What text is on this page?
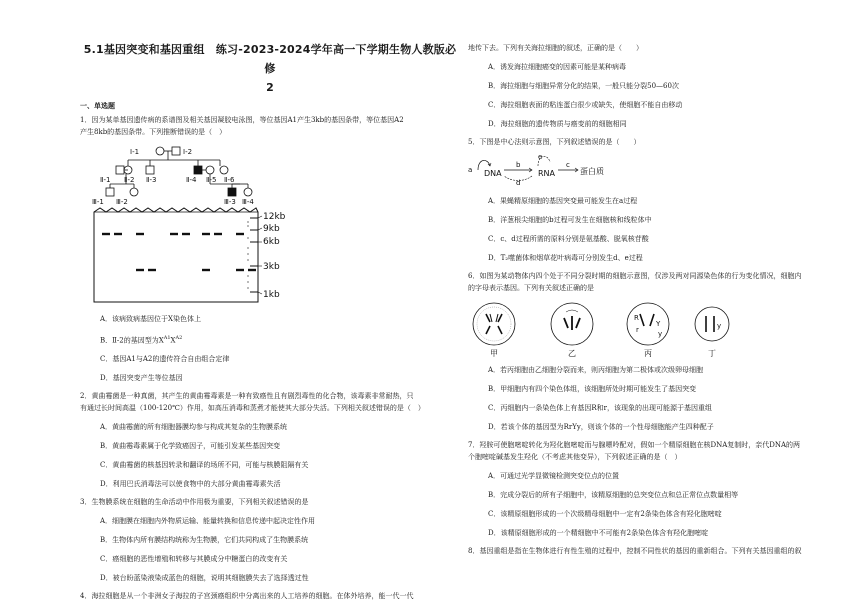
5.1基因突变和基因重组　练习-2023-2024学年高一下学期生物人教版必修
2
一、单选题
1．因为某单基因遗传病的系谱图及相关基因凝胶电泳图，等位基因A1产生3kb的基因条带，等位基因A2
产生8kb的基因条带。下列推断错误的是（　）
Ⅰ-1	Ⅰ-2
Ⅱ-1 Ⅱ-2 Ⅱ-3	Ⅱ-4 Ⅱ-5 Ⅱ-6
Ⅲ-1 Ⅲ-2	Ⅲ-3 Ⅲ-4
12kb
9kb
6kb
3kb
1kb
A．该病致病基因位于X染色体上
B．Ⅱ-2的基因型为$X^{A1}X^{A2}$
C．基因A1与A2的遗传符合自由组合定律
D．基因突变产生等位基因
2．黄曲霉菌是一种真菌，其产生的黄曲霉毒素是一种有致癌性且有剧烈毒性的化合物，该毒素非常耐热，只
有通过长时间高温（100-120℃）作用，如高压消毒和蒸煮才能使其大部分失活。下列相关叙述错误的是（　）
A．黄曲霉菌的所有细胞器膜均参与构成其复杂的生物膜系统
B．黄曲霉毒素属于化学致癌因子，可能引发某些基因突变
C．黄曲霉菌的核基因转录和翻译的场所不同，可能与核膜阻隔有关
D．利用巴氏消毒法可以使食物中的大部分黄曲霉毒素失活
3．生物膜系统在细胞的生命活动中作用极为重要，下列相关叙述错误的是
A．细胞膜在细胞内外物质运输、能量转换和信息传递中起决定性作用
B．生物体内所有膜结构统称为生物膜，它们共同构成了生物膜系统
C．癌细胞的恶性增殖和转移与其膜成分中糖蛋白的改变有关
D．被台盼蓝染液染成蓝色的细胞，说明其细胞膜失去了选择透过性
4．海拉细胞是从一个非洲女子海拉的子宫颈癌组织中分离出来的人工培养的细胞。在体外培养，能一代一代
地传下去。下列有关海拉细胞的叙述，正确的是（　　）
A．诱发海拉细胞癌变的因素可能是某种病毒
B．海拉细胞与细胞异常分化的结果，一般只能分裂50—60次
C．海拉细胞表面的粘连蛋白很少或缺失，使细胞不能自由移动
D．海拉细胞的遗传物质与癌变前的细胞相同
5．下图是中心法则示意图，下列叙述错误的是（　　）
a DNA
b
d
e
RNA
c
蛋白质
A．果蝇精原细胞的基因突变最可能发生在a过程
B．洋葱根尖细胞的b过程可发生在细胞核和线粒体中
C．c、d过程所需的原料分别是氨基酸、脱氧核苷酸
D．T₂噬菌体和烟草花叶病毒可分别发生d、e过程
6．如图为某动物体内四个处于不同分裂时期的细胞示意图，仅涉及两对同源染色体的行为变化情况，细胞内
的字母表示基因。下列有关叙述正确的是
甲	乙
R
r
Y
y
丙
y
丁
A．若丙细胞由乙细胞分裂而来，则丙细胞为第二极体或次级卵母细胞
B．甲细胞内有四个染色体组，该细胞所处时期可能发生了基因突变
C．丙细胞内一条染色体上有基因R和r，该现象的出现可能源于基因重组
D．若该个体的基因型为RrYy，则该个体的一个性母细胞能产生四种配子
7．羟胺可使胞嘧啶转化为羟化胞嘧啶而与腺嘌呤配对，假如一个精原细胞在核DNA复制时，亲代DNA的两
个胞嘧啶碱基发生羟化（不考虑其他变异），下列叙述正确的是（　）
A．可通过光学显微镜检测突变位点的位置
B．完成分裂后的所有子细胞中，该精原细胞的总突变位点和总正常位点数量相等
C．该精原细胞形成的一个次级精母细胞中一定有2条染色体含有羟化胞嘧啶
D．该精原细胞形成的一个精细胞中不可能有2条染色体含有羟化胞嘧啶
8．基因重组是指在生物体进行有性生殖的过程中，控制不同性状的基因的重新组合。下列有关基因重组的叙
